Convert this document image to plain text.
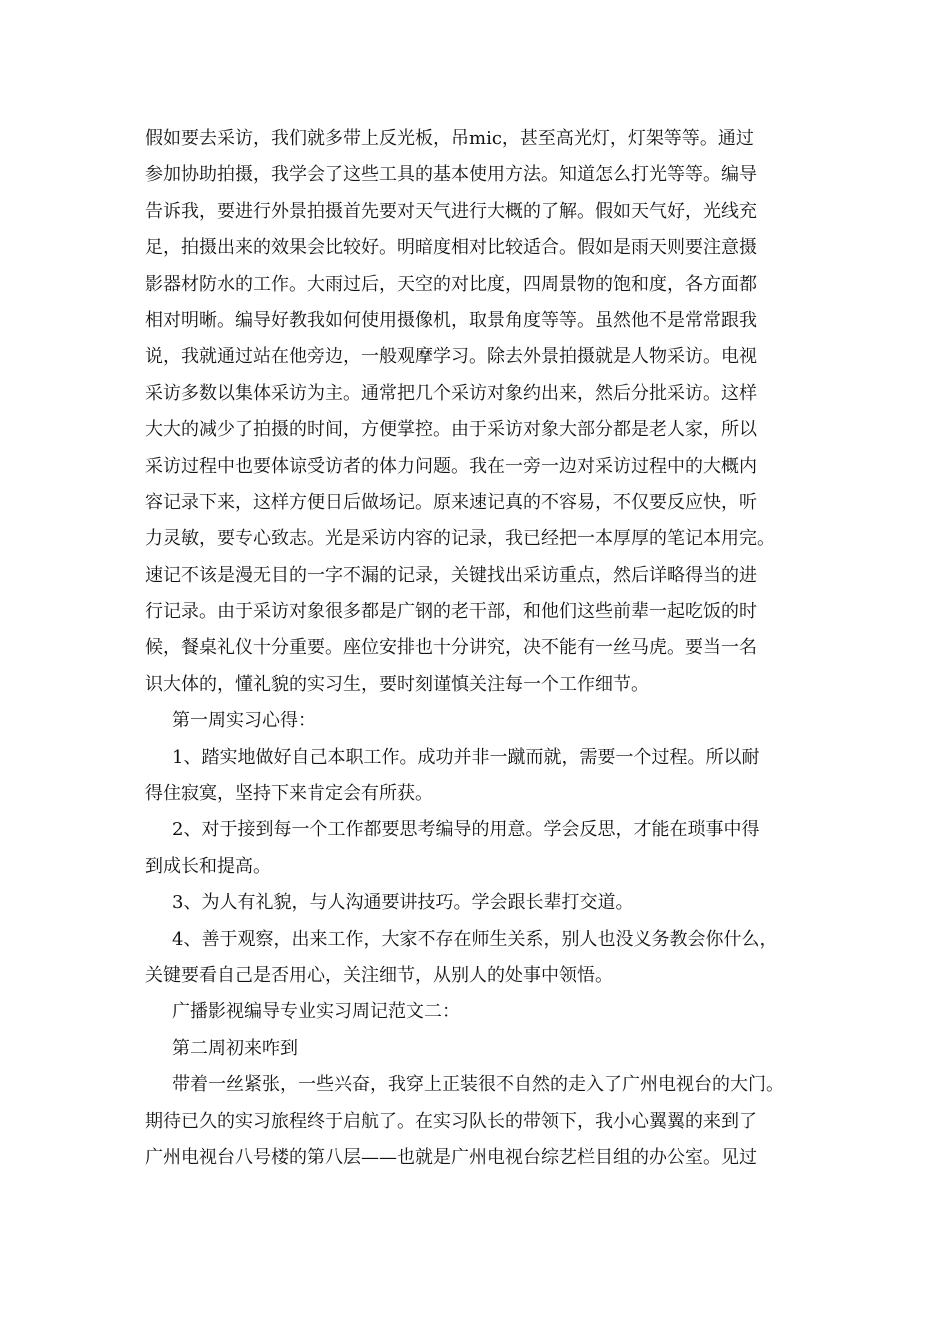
假如要去采访，我们就多带上反光板，吊mic，甚至高光灯，灯架等等。通过
参加协助拍摄，我学会了这些工具的基本使用方法。知道怎么打光等等。编导
告诉我，要进行外景拍摄首先要对天气进行大概的了解。假如天气好，光线充
足，拍摄出来的效果会比较好。明暗度相对比较适合。假如是雨天则要注意摄
影器材防水的工作。大雨过后，天空的对比度，四周景物的饱和度，各方面都
相对明晰。编导好教我如何使用摄像机，取景角度等等。虽然他不是常常跟我
说，我就通过站在他旁边，一般观摩学习。除去外景拍摄就是人物采访。电视
采访多数以集体采访为主。通常把几个采访对象约出来，然后分批采访。这样
大大的减少了拍摄的时间，方便掌控。由于采访对象大部分都是老人家，所以
采访过程中也要体谅受访者的体力问题。我在一旁一边对采访过程中的大概内
容记录下来，这样方便日后做场记。原来速记真的不容易，不仅要反应快，听
力灵敏，要专心致志。光是采访内容的记录，我已经把一本厚厚的笔记本用完。
速记不该是漫无目的一字不漏的记录，关键找出采访重点，然后详略得当的进
行记录。由于采访对象很多都是广钢的老干部，和他们这些前辈一起吃饭的时
候，餐桌礼仪十分重要。座位安排也十分讲究，决不能有一丝马虎。要当一名
识大体的，懂礼貌的实习生，要时刻谨慎关注每一个工作细节。
第一周实习心得：
1、踏实地做好自己本职工作。成功并非一蹴而就，需要一个过程。所以耐
得住寂寞，坚持下来肯定会有所获。
2、对于接到每一个工作都要思考编导的用意。学会反思，才能在琐事中得
到成长和提高。
3、为人有礼貌，与人沟通要讲技巧。学会跟长辈打交道。
4、善于观察，出来工作，大家不存在师生关系，别人也没义务教会你什么，
关键要看自己是否用心，关注细节，从别人的处事中领悟。
广播影视编导专业实习周记范文二：
第二周初来咋到
带着一丝紧张，一些兴奋，我穿上正装很不自然的走入了广州电视台的大门。
期待已久的实习旅程终于启航了。在实习队长的带领下，我小心翼翼的来到了
广州电视台八号楼的第八层——也就是广州电视台综艺栏目组的办公室。见过
